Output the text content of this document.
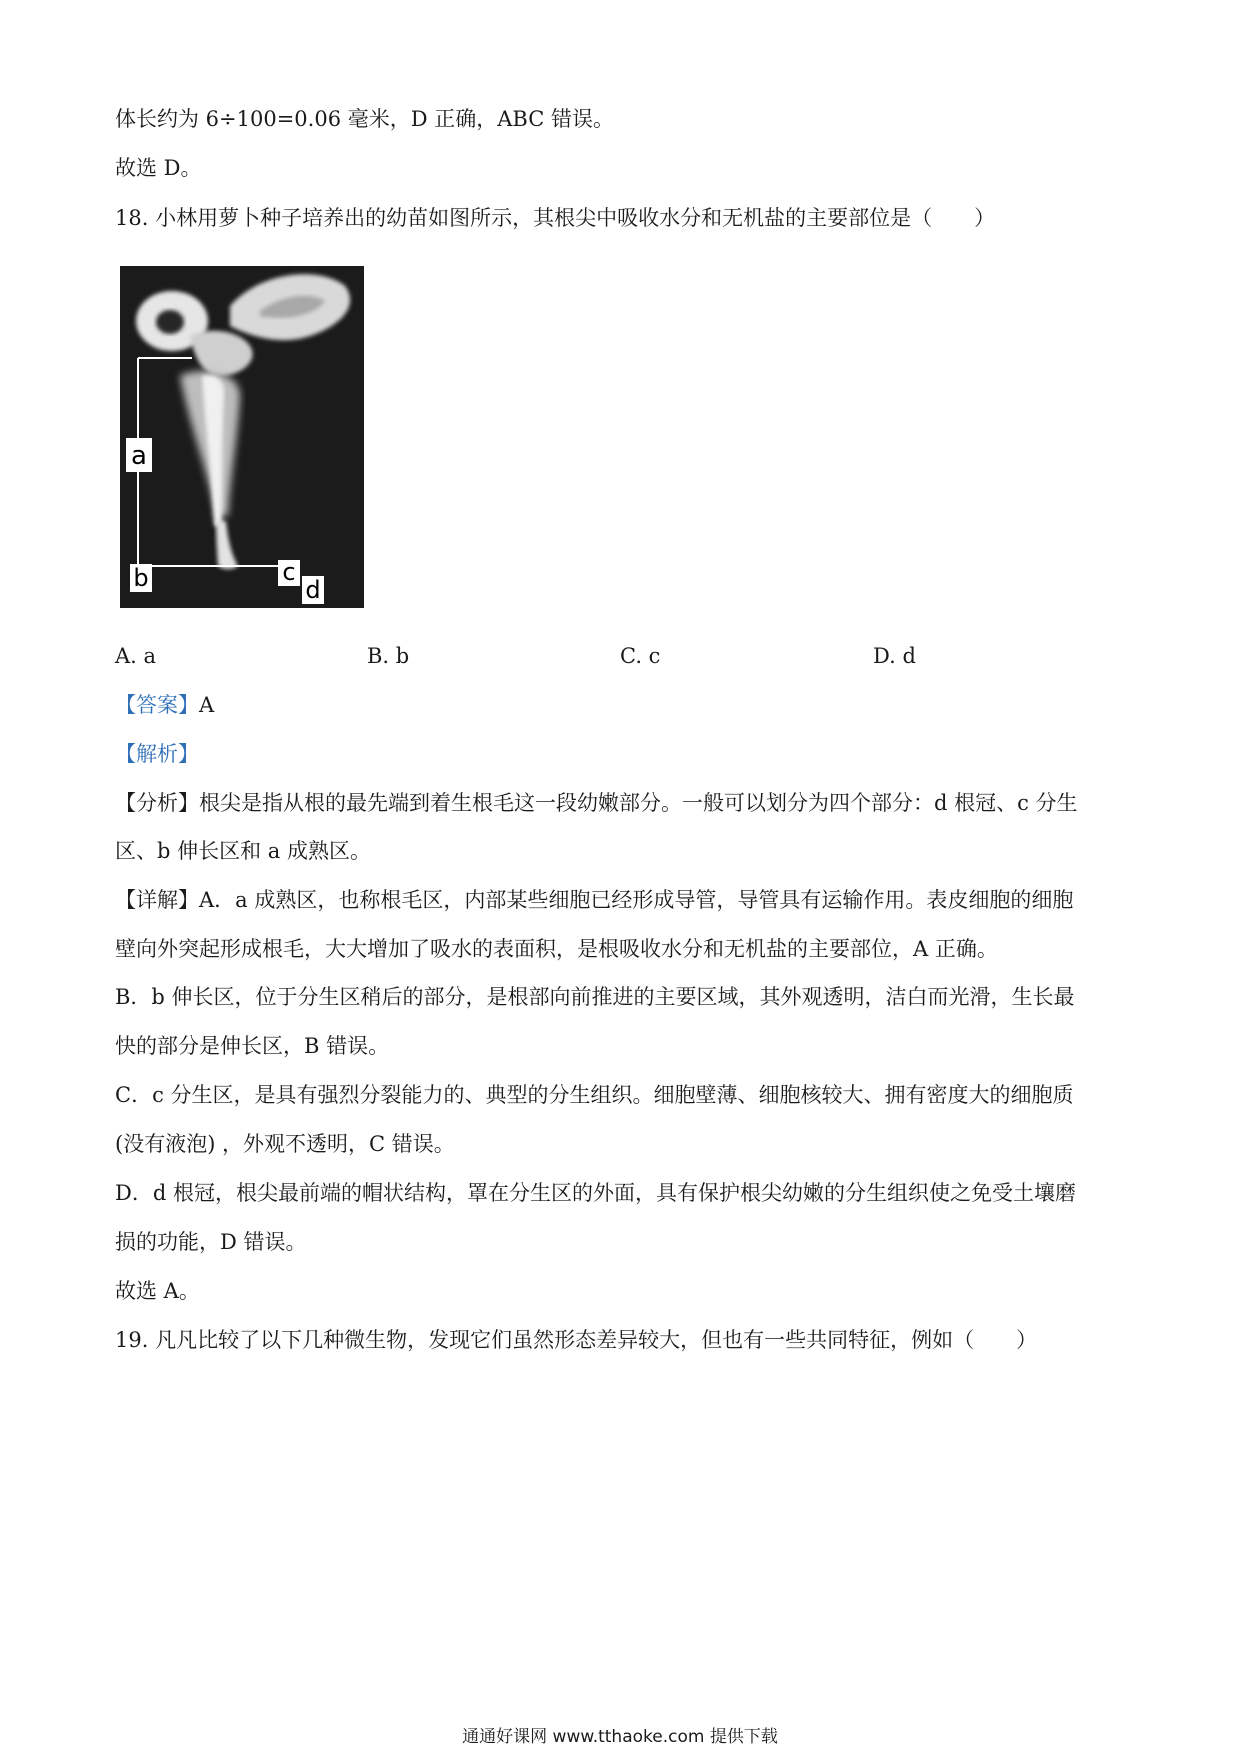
体长约为 6÷100=0.06 毫米，D 正确，ABC 错误。
故选 D。
18. 小林用萝卜种子培养出的幼苗如图所示，其根尖中吸收水分和无机盐的主要部位是（　　）
a
b	c
d
A. a	B. b	C. c	D. d
【答案】A
【解析】
【分析】根尖是指从根的最先端到着生根毛这一段幼嫩部分。一般可以划分为四个部分：d 根冠、c 分生
区、b 伸长区和 a 成熟区。
【详解】A．a 成熟区，也称根毛区，内部某些细胞已经形成导管，导管具有运输作用。表皮细胞的细胞
壁向外突起形成根毛，大大增加了吸水的表面积，是根吸收水分和无机盐的主要部位，A 正确。
B．b 伸长区，位于分生区稍后的部分，是根部向前推进的主要区域，其外观透明，洁白而光滑，生长最
快的部分是伸长区，B 错误。
C．c 分生区，是具有强烈分裂能力的、典型的分生组织。细胞壁薄、细胞核较大、拥有密度大的细胞质
(没有液泡) ，外观不透明，C 错误。
D．d 根冠，根尖最前端的帽状结构，罩在分生区的外面，具有保护根尖幼嫩的分生组织使之免受土壤磨
损的功能，D 错误。
故选 A。
19. 凡凡比较了以下几种微生物，发现它们虽然形态差异较大，但也有一些共同特征，例如（　　）
通通好课网 www.tthaoke.com 提供下载
